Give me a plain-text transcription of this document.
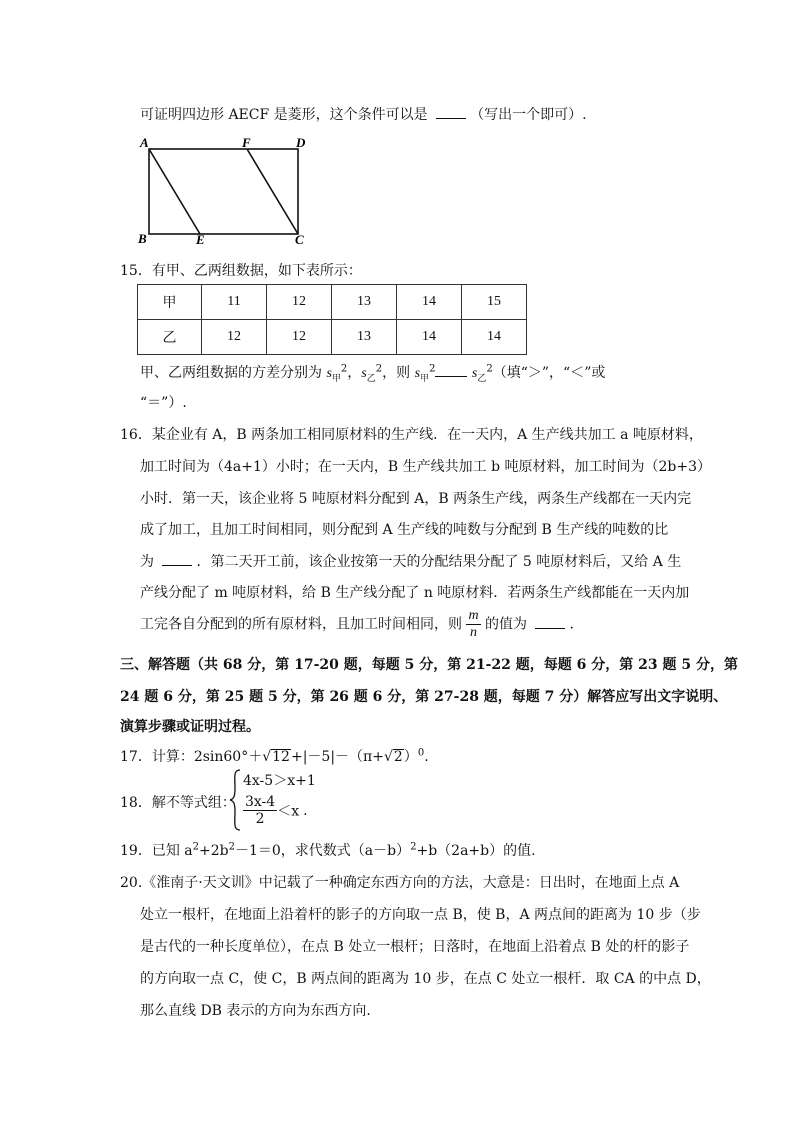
可证明四边形 AECF 是菱形，这个条件可以是	（写出一个即可）.
A	F	D
B	E	C
15．有甲、乙两组数据，如下表所示：
甲	11	12	13	14	15
乙	12	12	13	14	14
甲、乙两组数据的方差分别为 $s_甲^2$，$s_乙^2$，则 $s_甲^2$	$s_乙^2$（填“＞”，“＜”或
“＝”）.
16．某企业有 A，B 两条加工相同原材料的生产线．在一天内，A 生产线共加工 a 吨原材料，
加工时间为（4a+1）小时；在一天内，B 生产线共加工 b 吨原材料，加工时间为（2b+3）
小时．第一天，该企业将 5 吨原材料分配到 A，B 两条生产线，两条生产线都在一天内完
成了加工，且加工时间相同，则分配到 A 生产线的吨数与分配到 B 生产线的吨数的比
为	．第二天开工前，该企业按第一天的分配结果分配了 5 吨原材料后，又给 A 生
产线分配了 m 吨原材料，给 B 生产线分配了 n 吨原材料．若两条生产线都能在一天内加
工完各自分配到的所有原材料，且加工时间相同，则 $\frac{m}{n}$ 的值为	.
三、解答题（共 68 分，第 17-20 题，每题 5 分，第 21-22 题，每题 6 分，第 23 题 5 分，第
24 题 6 分，第 25 题 5 分，第 26 题 6 分，第 27-28 题，每题 7 分）解答应写出文字说明、
演算步骤或证明过程。
17．计算：$2\sin 60^\circ+√12+|-5|-(\pi+√2)^0$.
18．解不等式组：
4x-5＞x+1
$\frac{3x-4}{2} <x$ .
19．已知 $a^2+2b^2-1=0$，求代数式$(a-b)^2+b(2a+b)$的值.
20.《淮南子·天文训》中记载了一种确定东西方向的方法，大意是：日出时，在地面上点 A
处立一根杆，在地面上沿着杆的影子的方向取一点 B，使 B，A 两点间的距离为 10 步（步
是古代的一种长度单位），在点 B 处立一根杆；日落时，在地面上沿着点 B 处的杆的影子
的方向取一点 C，使 C，B 两点间的距离为 10 步，在点 C 处立一根杆．取 CA 的中点 D，
那么直线 DB 表示的方向为东西方向.
